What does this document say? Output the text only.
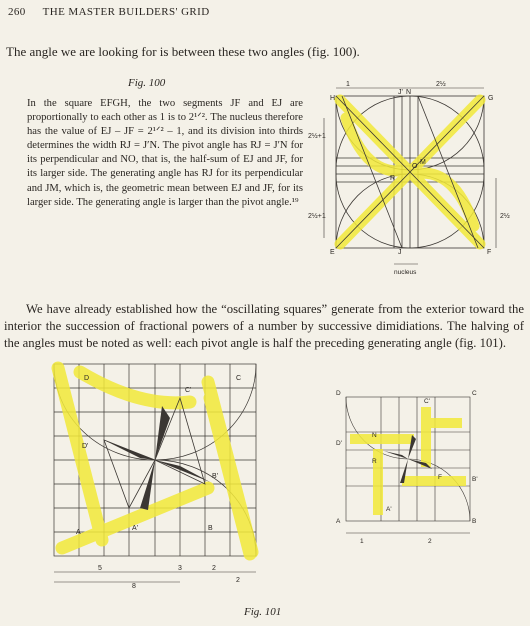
260 THE MASTER BUILDERS' GRID
The angle we are looking for is between these two angles (fig. 100).
Fig. 100
In the square EFGH, the two segments JF and EJ are proportionally to each other as 1 is to 2¹ᐟ². The nucleus therefore has the value of EJ – JF = 2¹ᐟ² – 1, and its division into thirds determines the width RJ = J′N. The pivot angle has RJ = J′N for its perpendicular and NO, that is, the half-sum of EJ and JF, for its larger side. The generating angle has RJ for its perpendicular and JM, which is, the geometric mean between EJ and JF, for its larger side. The generating angle is larger than the pivot angle.¹⁹
H	G
E	F
J' N
J
O
M
R
1	2½
2½+1
2½+1	2½
nucleus
We have already established how the “oscillating squares” generate from the exterior toward the interior the succession of fractional powers of a number by successive dimidiations. The halving of the angles must be noted as well: each pivot angle is half the preceding generating angle (fig. 101).
D	C
C'
D'
B'
A'
A
B
5
8
3	2
2
D	C
C'
D'
B'
A'
A	B
N
R
F
1	2
Fig. 101
